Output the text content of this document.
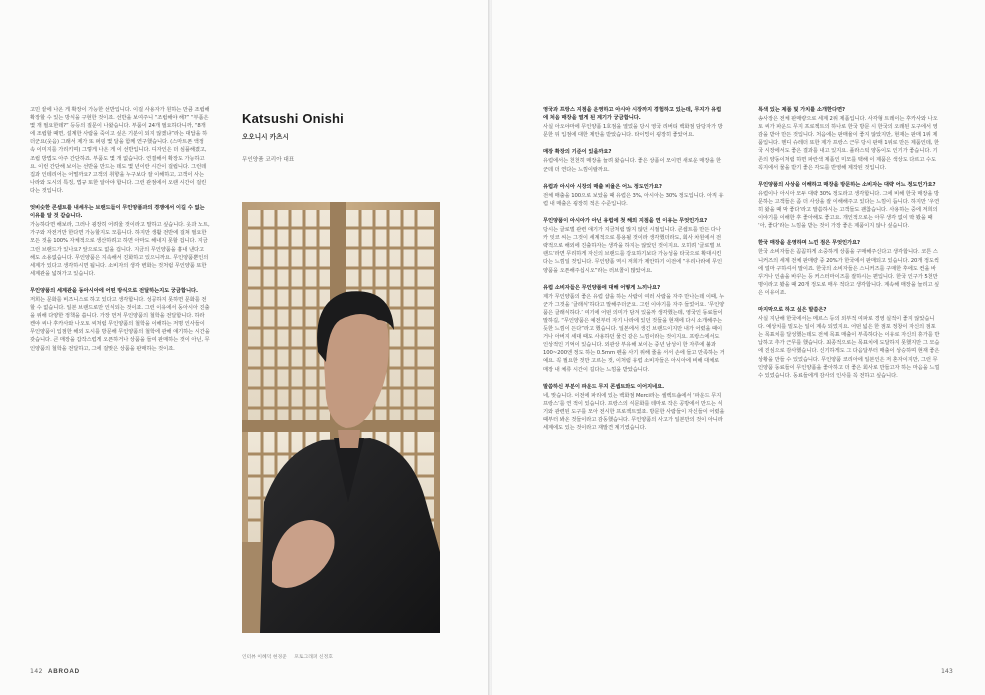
고민 끝에 나온 게 확장이 가능한 선반입니다. 이걸 사용자가 원하는 만큼 조립해 확장할 수 있는 방식을 구현한 것이죠. 선반을 보여주니 “조립해야 해?” “부품은 몇 개 필요한데?” 등등의 질문이 나왔습니다. 부품이 24개 필요하다니까, “8개에 조립할 때면, 설계한 사람을 죽이고 싶은 기분이 되지 않겠냐”라는 대답을 하더군요(웃음) 그래서 제가 또 퍼핑 몇 달을 함께 연구했습니다. (스마트폰 액정 속 이미지를 가리키며) 그렇게 나온 게 이 선반입니다. 디자인은 더 심플해졌고, 조립 방법도 아주 간단하죠. 부품도 몇 개 없습니다. 연결해서 확장도 가능하고요. 이런 간단해 보이는 선반을 만드는 데도 몇 년이란 시간이 걸립니다. 그런데 집과 인테리어는 어떨까요? 고객의 취향을 누구보다 잘 이해하고, 고객이 사는 나라와 도시의 특징, 법규 또한 알아야 합니다. 그런 관점에서 오랜 시간이 걸린다는 것입니다.

엇비슷한 콘셉트를 내세우는 브랜드들이 무인양품과의 경쟁에서 이길 수 없는 이유를 알 것 같습니다.
가능하다면 해보라, 그러나 굉장히 어려울 것이라고 말하고 싶습니다. 옷과 노트, 가구와 자전거만 한다면 가능할지도 모릅니다. 하지만 생활 전반에 걸쳐 필요한 모든 것을 100% 자체적으로 생산하려고 하면 아마도 해내지 못할 겁니다. 지금 그런 브랜드가 있나요? 앞으로도 없을 겁니다. 지금의 무인양품을 흉내 낸다고 해도 소용없습니다. 무인양품은 지속해서 진화하고 있으니까요. 무인양품뿐인의 세계가 있다고 생각하시면 됩니다. 소비자의 생각 변화는 것처럼 무인양품 또한 세계관을 넓혀가고 있습니다.

무인양품의 세계관을 동아시아에 어떤 방식으로 전달하는지도 궁금합니다.
저희는 문화를 비즈니스로 하고 있다고 생각합니다. 성공하지 못하면 문화를 전할 수 없습니다. 일본 브랜드로만 인식되는 것이죠. 그런 이유에서 동아시아 진출을 위해 다양한 정책을 씁니다. 가장 먼저 무인양품의 철학을 전달합니다. 하라 켄야 씨나 후카사와 나오토 씨처럼 무인양품의 철학을 이해하는 저명 인사들이 무인양품이 입점한 해외 도시를 방문해 무인양품의 철학에 관해 얘기하는 시간을 갖습니다. 큰 매장을 갑작스럽게 오픈하거나 상품을 들여 판매하는 것이 아닌, 무인양품의 철학을 전달하고, 그에 걸맞은 상품을 판매하는 것이죠.

Katsushi Onishi
오오니시 카츠시
무인양품 코리아 대표
인터뷰 이혜덕 현경준 포토그래퍼 신정호
142 ABROAD

영국과 프랑스 지점을 운영하고 아시아 시장까지 경험하고 있는데, 무지가 유럽에 처음 매장을 열게 된 계기가 궁금합니다.
사실 아오야마에 무인양품 1호점을 열었을 당시 영국 리버티 백화점 담당자가 방문한 뒤 입점에 대한 제안을 받았습니다. 타이밍이 굉장히 좋았어요.

매장 확장의 기준이 있을까요?
유럽에서는 천천히 매장을 늘려 왔습니다. 좋은 상품이 모이면 새로운 매장을 한 군데 더 연다는 느낌이랄까요.

유럽과 아시아 시장의 매출 비율은 어느 정도인가요?
전체 매출을 100으로 보았을 때 유럽은 3%, 아시아는 30% 정도입니다. 아직 유럽 내 매출은 굉장히 적은 수준입니다.

무인양품이 아시아가 아닌 유럽에 첫 해외 지점을 연 이유는 무엇인가요?
당시는 글로벌 관련 얘기가 지금처럼 많지 않던 시절입니다. 콘셉트를 만든 다나카 잇코 씨는 그것이 세계적으로 통용될 것이라 생각했더라도, 회사 차원에서 전략적으로 해외에 진출하자는 생각을 하지는 않았던 것이지요. 오히려 ‘글로벌 브랜드’라면 무리하게 자신의 브랜드를 강요하기보다 가능성을 타국으로 확대시킨다는 느낌일 것입니다. 무인양품 역시 저희가 제안하기 이전에 “우리나라에 무인양품을 오픈해주십시오”라는 러브콜이 많았어요.

유럽 소비자들은 무인양품에 대해 어떻게 느끼나요?
제가 무인양품의 좋은 유럽 샵을 하는 사람이 여러 사람을 자주 만나는데 이때, 누군가 그것을 ‘클래식’하다고 말해주더군요. 그런 이야기를 자주 들었어요. ‘무인양품은 클래식하다.’ 여기에 어떤 의미가 담겨 있을까 생각했는데, 영국인 동료들이 말하길, “무인양품은 예전부터 자기 나라에 있던 것들을 현재에 다시 소개해주는 듯한 느낌이 든다”라고 했습니다. 일본에서 생긴 브랜드이지만 내가 어렸을 때이거나 아버지 세대 때도 사용하던 물건 같은 느낌이라는 것이지요. 프랑스에서도 인상적인 기억이 있습니다. 외관상 부유해 보이는 중년 남성이 한 자루에 불과 100~200엔 정도 하는 0.5mm 펜을 사기 위해 줄을 서서 손에 들고 만족하는 거예요. 꼭 필요한 것만 고르는 것, 이처럼 유럽 소비자들은 아시아에 비해 대체로 매장 내 체류 시간이 길다는 느낌을 받았습니다.

말씀하신 부분이 파운드 무지 콘셉트와도 이어지네요.
네, 맞습니다. 이전에 파리에 있는 백화점 Merci라는 셀렉트숍에서 ‘파운드 무지 프랑스’를 연 적이 있습니다. 프랑스의 식문화를 테마로 작은 공방에서 만드는 식기와 관련된 도구를 모아 전시한 프로젝트였죠. 방문한 사람들이 자신들이 어렸을 때부터 봐온 것들이라고 감동했습니다. 무인양품의 사고가 일본만의 것이 아니라 세계에도 있는 것이라고 재발견 계기였습니다.

특색 있는 제품 및 가치를 소개한다면?
송사장은 전체 판매량으로 세계 2위 제품입니다. 사각형 트레이는 후카사와 나오토 씨가 파운드 무지 프로젝트의 하나로 한국 방문 시 한국의 오래된 도구에서 영감을 받아 만든 것입니다. 처음에는 판매율이 좋지 않았지만, 현재는 판매 1위 제품입니다. 헨디 슈레더 또한 제가 프랑스 근무 당시 판매 1위로 만든 제품인데, 한국 시장에서도 좋은 결과를 내고 있지요. 플라스틱 양동이도 인기가 좋습니다. 기존의 양동이처럼 하면 파란색 제품인 미모를 택해 이 제품은 색상도 다르고 수도꼭지에서 물을 받기 좋은 각도를 반영해 제작된 것입니다.

무인양품의 사상을 이해하고 매장을 방문하는 소비자는 대략 어느 정도인가요?
유럽이나 아시아 모두 대략 30% 정도라고 생각합니다. 그에 비해 한국 매장을 방문하는 고객들은 좀 더 사상을 잘 이해해주고 있다는 느낌이 듭니다. 하지만 ‘우연히 왔을 때 막 좋다’라고 말씀하시는 고객들도 괜찮습니다. 사용하는 중에 저희의 이야기를 이해한 후 좋아해도 좋고요. 개인적으로는 아무 생각 없이 딱 봤을 때 ‘아, 좋다’라는 느낌을 받는 것이 가장 좋은 제품이지 않나 싶습니다.

한국 매장을 운영하며 느낀 점은 무엇인가요?
한국 소비자들은 꼼꼼하게 소중하게 상품을 구매해주신다고 생각합니다. 코튼 스니커즈의 세계 전체 판매량 중 20%가 한국에서 판매되고 있습니다. 20개 정도씩에 얼마 구하셔서 말이죠. 한국의 소비자들은 스니커즈를 구매한 후에도 컨을 바꾸거나 인솔을 바꾸는 등 커스터마이즈를 잘하시는 편입니다. 한국 인구가 5천만 명이라고 봤을 때 20개 정도로 매우 적다고 생각합니다. 계속해 매장을 늘리고 싶은 이유이죠.

마지막으로 하고 싶은 말씀은?
사실 지난해 한국에서는 메르스 등의 외부적 여파로 경영 실적이 좋지 않았습니다. 예상치를 밑도는 일이 계속 되었지요. 어떤 넓은 한 점포 정창이 자신의 점포는 목표치를 달성했는데도 전체 목표 매출이 부족하다는 이유로 자신의 휴가를 반납하고 추가 근무를 했습니다. 최종적으로는 목표치에 도달하지 못했지만 그 모습에 진심으로 감사했습니다. 신기하게도 그 다음달부터 매출이 상승하며 현재 좋은 상황을 만들 수 있었습니다. 무인양품 코리아에 일본인은 저 혼자이지만, 그런 무인양품 동료들이 무인양품을 좋아하고 더 좋은 회사로 만들고자 하는 마음을 느낄 수 있었습니다. 동료들에게 감사의 인사를 꼭 전하고 싶습니다.

143
